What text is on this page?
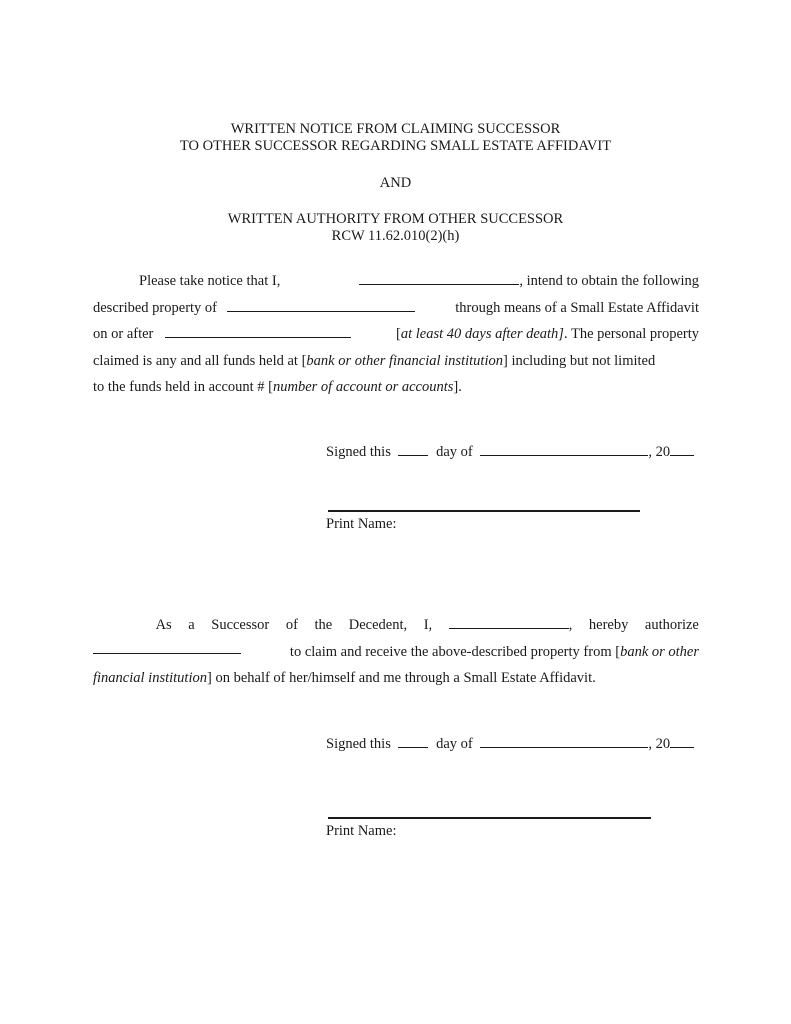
WRITTEN NOTICE FROM CLAIMING SUCCESSOR
TO OTHER SUCCESSOR REGARDING SMALL ESTATE AFFIDAVIT
AND
WRITTEN AUTHORITY FROM OTHER SUCCESSOR
RCW 11.62.010(2)(h)
Please take notice that I,	, intend to obtain the following
described property of	through means of a Small Estate Affidavit
on or after	[at least 40 days after death]. The personal property
claimed is any and all funds held at [bank or other financial institution] including but not limited
to the funds held in account # [number of account or accounts].
Signed this	day of	, 20
Print Name:
As a Successor of the Decedent, I,	, hereby authorize
to claim and receive the above-described property from [bank or other
financial institution] on behalf of her/himself and me through a Small Estate Affidavit.
Signed this	day of	, 20
Print Name:
